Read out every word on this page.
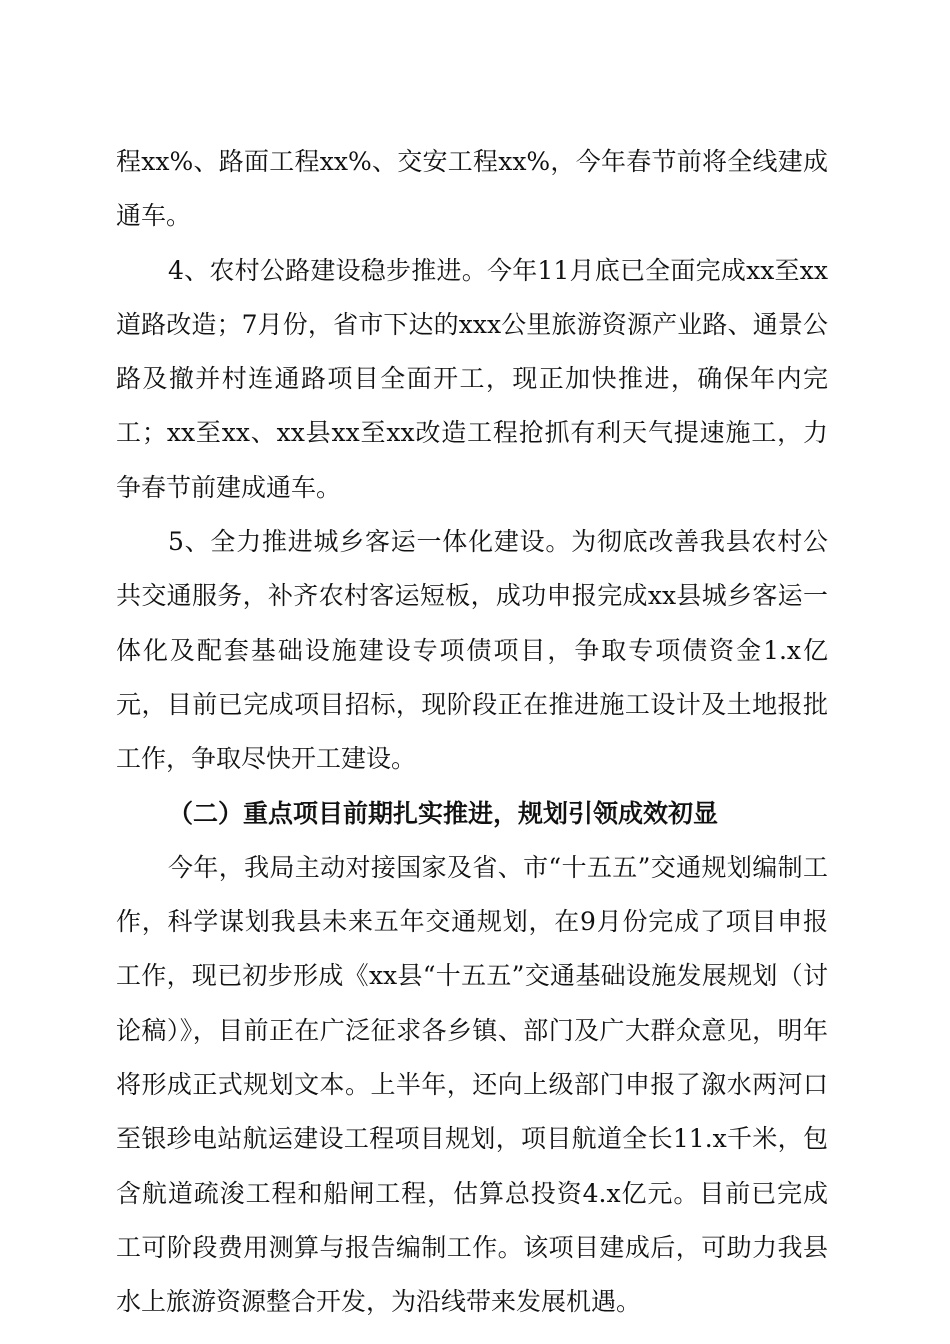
程xx%、路面工程xx%、交安工程xx%，今年春节前将全线建成通车。

4、农村公路建设稳步推进。今年11月底已全面完成xx至xx道路改造；7月份，省市下达的xxx公里旅游资源产业路、通景公路及撤并村连通路项目全面开工，现正加快推进，确保年内完工；xx至xx、xx县xx至xx改造工程抢抓有利天气提速施工，力争春节前建成通车。

5、全力推进城乡客运一体化建设。为彻底改善我县农村公共交通服务，补齐农村客运短板，成功申报完成xx县城乡客运一体化及配套基础设施建设专项债项目，争取专项债资金1.x亿元，目前已完成项目招标，现阶段正在推进施工设计及土地报批工作，争取尽快开工建设。

（二）重点项目前期扎实推进，规划引领成效初显

今年，我局主动对接国家及省、市“十五五”交通规划编制工作，科学谋划我县未来五年交通规划，在9月份完成了项目申报工作，现已初步形成《xx县“十五五”交通基础设施发展规划（讨论稿）》，目前正在广泛征求各乡镇、部门及广大群众意见，明年将形成正式规划文本。上半年，还向上级部门申报了溆水两河口至银珍电站航运建设工程项目规划，项目航道全长11.x千米，包含航道疏浚工程和船闸工程，估算总投资4.x亿元。目前已完成工可阶段费用测算与报告编制工作。该项目建成后，可助力我县水上旅游资源整合开发，为沿线带来发展机遇。
